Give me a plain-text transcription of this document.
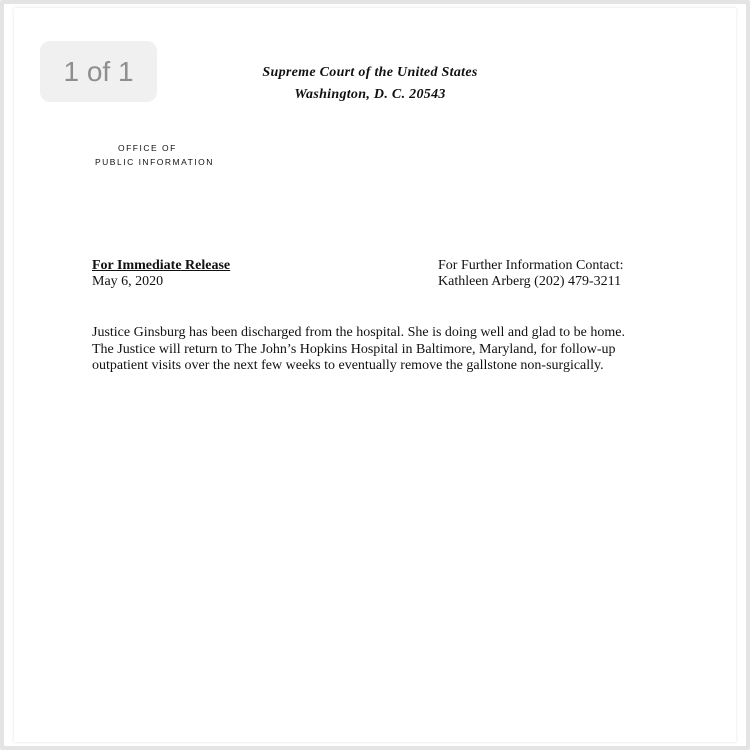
1 of 1	Supreme Court of the United States
Washington, D. C. 20543
OFFICE OF
PUBLIC INFORMATION
For Immediate Release
May 6, 2020
For Further Information Contact:
Kathleen Arberg (202) 479-3211
Justice Ginsburg has been discharged from the hospital. She is doing well and glad to be home.
The Justice will return to The John’s Hopkins Hospital in Baltimore, Maryland, for follow-up
outpatient visits over the next few weeks to eventually remove the gallstone non-surgically.
